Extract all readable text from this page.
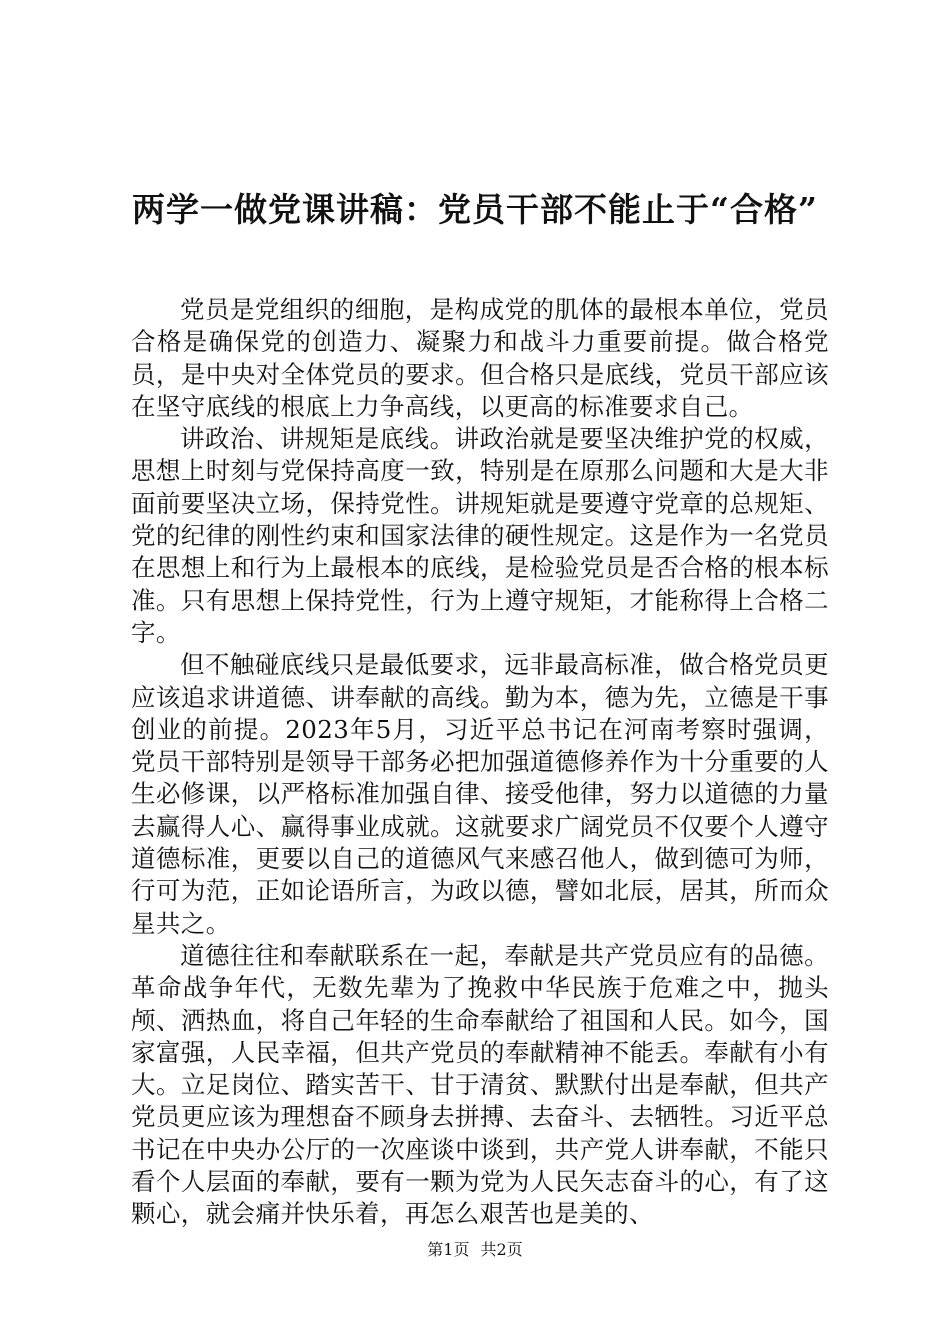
两学一做党课讲稿：党员干部不能止于“合格”

党员是党组织的细胞，是构成党的肌体的最根本单位，党员合格是确保党的创造力、凝聚力和战斗力重要前提。做合格党员，是中央对全体党员的要求。但合格只是底线，党员干部应该在坚守底线的根底上力争高线，以更高的标准要求自己。

讲政治、讲规矩是底线。讲政治就是要坚决维护党的权威，思想上时刻与党保持高度一致，特别是在原那么问题和大是大非面前要坚决立场，保持党性。讲规矩就是要遵守党章的总规矩、党的纪律的刚性约束和国家法律的硬性规定。这是作为一名党员在思想上和行为上最根本的底线，是检验党员是否合格的根本标准。只有思想上保持党性，行为上遵守规矩，才能称得上合格二字。

但不触碰底线只是最低要求，远非最高标准，做合格党员更应该追求讲道德、讲奉献的高线。勤为本，德为先，立德是干事创业的前提。2023年5月，习近平总书记在河南考察时强调，党员干部特别是领导干部务必把加强道德修养作为十分重要的人生必修课，以严格标准加强自律、接受他律，努力以道德的力量去赢得人心、赢得事业成就。这就要求广阔党员不仅要个人遵守道德标准，更要以自己的道德风气来感召他人，做到德可为师，行可为范，正如论语所言，为政以德，譬如北辰，居其，所而众星共之。

道德往往和奉献联系在一起，奉献是共产党员应有的品德。革命战争年代，无数先辈为了挽救中华民族于危难之中，抛头颅、洒热血，将自己年轻的生命奉献给了祖国和人民。如今，国家富强，人民幸福，但共产党员的奉献精神不能丢。奉献有小有大。立足岗位、踏实苦干、甘于清贫、默默付出是奉献，但共产党员更应该为理想奋不顾身去拼搏、去奋斗、去牺牲。习近平总书记在中央办公厅的一次座谈中谈到，共产党人讲奉献，不能只看个人层面的奉献，要有一颗为党为人民矢志奋斗的心，有了这颗心，就会痛并快乐着，再怎么艰苦也是美的、

第1页 共2页
